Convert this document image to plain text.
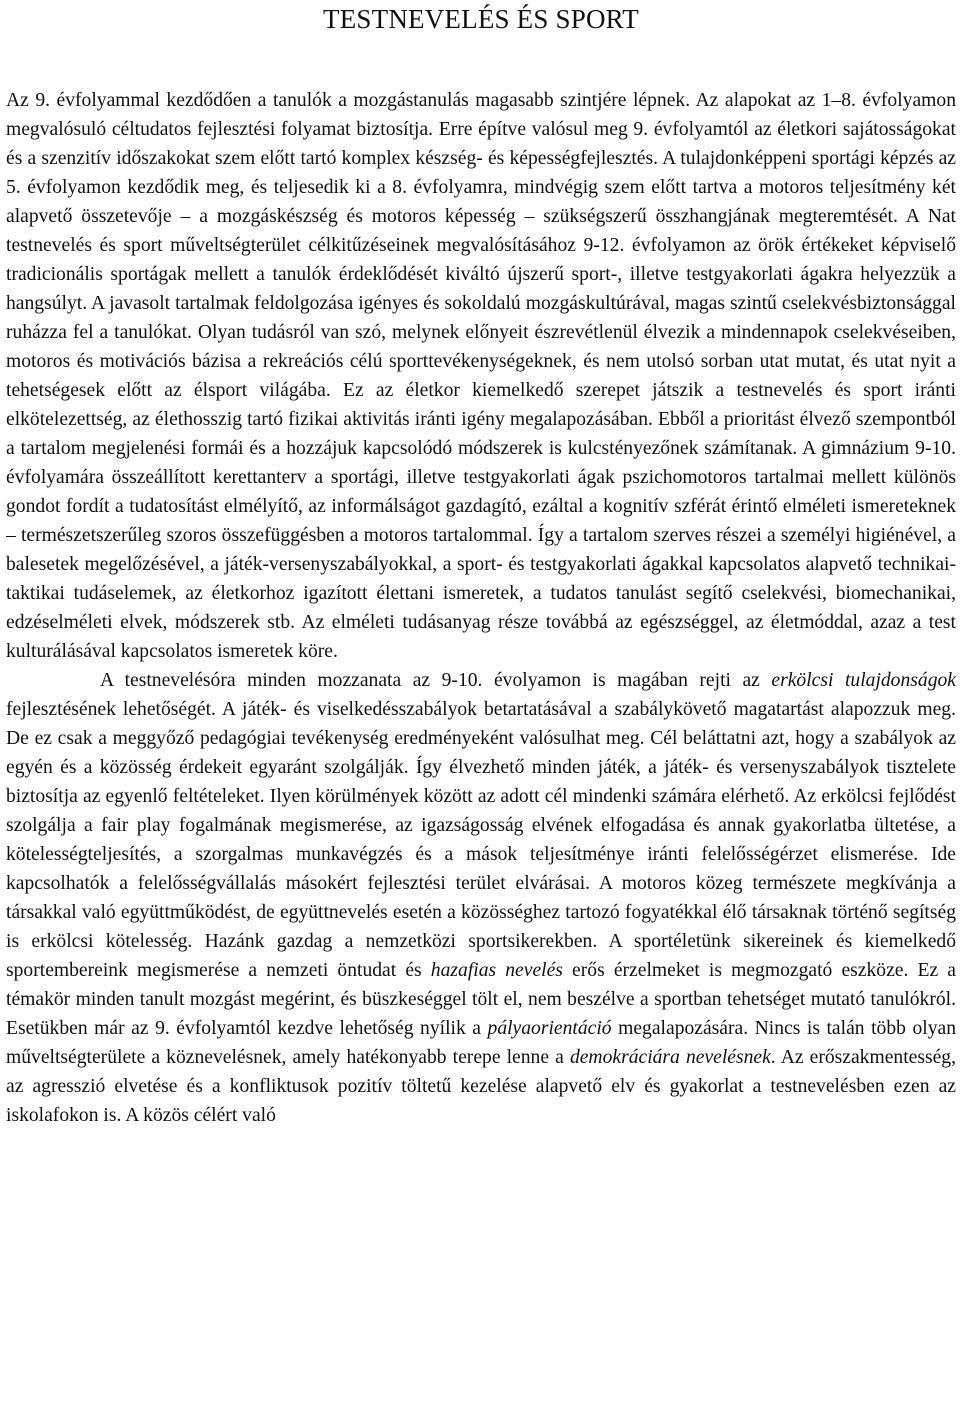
TESTNEVELÉS ÉS SPORT

Az 9. évfolyammal kezdődően a tanulók a mozgástanulás magasabb szintjére lépnek. Az alapokat az 1–8. évfolyamon megvalósuló céltudatos fejlesztési folyamat biztosítja. Erre építve valósul meg 9. évfolyamtól az életkori sajátosságokat és a szenzitív időszakokat szem előtt tartó komplex készség- és képességfejlesztés. A tulajdonképpeni sportági képzés az 5. évfolyamon kezdődik meg, és teljesedik ki a 8. évfolyamra, mindvégig szem előtt tartva a motoros teljesítmény két alapvető összetevője – a mozgáskészség és motoros képesség – szükségszerű összhangjának megteremtését. A Nat testnevelés és sport műveltségterület célkitűzéseinek megvalósításához 9-12. évfolyamon az örök értékeket képviselő tradicionális sportágak mellett a tanulók érdeklődését kiváltó újszerű sport-, illetve testgyakorlati ágakra helyezzük a hangsúlyt. A javasolt tartalmak feldolgozása igényes és sokoldalú mozgáskultúrával, magas szintű cselekvésbiztonsággal ruházza fel a tanulókat. Olyan tudásról van szó, melynek előnyeit észrevétlenül élvezik a mindennapok cselekvéseiben, motoros és motivációs bázisa a rekreációs célú sporttevékenységeknek, és nem utolsó sorban utat mutat, és utat nyit a tehetségesek előtt az élsport világába. Ez az életkor kiemelkedő szerepet játszik a testnevelés és sport iránti elkötelezettség, az élethosszig tartó fizikai aktivitás iránti igény megalapozásában. Ebből a prioritást élvező szempontból a tartalom megjelenési formái és a hozzájuk kapcsolódó módszerek is kulcstényezőnek számítanak. A gimnázium 9-10. évfolyamára összeállított kerettanterv a sportági, illetve testgyakorlati ágak pszichomotoros tartalmai mellett különös gondot fordít a tudatosítást elmélyítő, az informálságot gazdagító, ezáltal a kognitív szférát érintő elméleti ismereteknek – természetszerűleg szoros összefüggésben a motoros tartalommal. Így a tartalom szerves részei a személyi higiénével, a balesetek megelőzésével, a játék-versenyszabályokkal, a sport- és testgyakorlati ágakkal kapcsolatos alapvető technikai-taktikai tudáselemek, az életkorhoz igazított élettani ismeretek, a tudatos tanulást segítő cselekvési, biomechanikai, edzéselméleti elvek, módszerek stb. Az elméleti tudásanyag része továbbá az egészséggel, az életmóddal, azaz a test kulturálásával kapcsolatos ismeretek köre.

A testnevelésóra minden mozzanata az 9-10. évolyamon is magában rejti az erkölcsi tulajdonságok fejlesztésének lehetőségét. A játék- és viselkedésszabályok betartatásával a szabálykövető magatartást alapozzuk meg. De ez csak a meggyőző pedagógiai tevékenység eredményeként valósulhat meg. Cél beláttatni azt, hogy a szabályok az egyén és a közösség érdekeit egyaránt szolgálják. Így élvezhető minden játék, a játék- és versenyszabályok tisztelete biztosítja az egyenlő feltételeket. Ilyen körülmények között az adott cél mindenki számára elérhető. Az erkölcsi fejlődést szolgálja a fair play fogalmának megismerése, az igazságosság elvének elfogadása és annak gyakorlatba ültetése, a kötelességteljesítés, a szorgalmas munkavégzés és a mások teljesítménye iránti felelősségérzet elismerése. Ide kapcsolhatók a felelősségvállalás másokért fejlesztési terület elvárásai. A motoros közeg természete megkívánja a társakkal való együttműködést, de együttnevelés esetén a közösséghez tartozó fogyatékkal élő társaknak történő segítség is erkölcsi kötelesség. Hazánk gazdag a nemzetközi sportsikerekben. A sportéletünk sikereinek és kiemelkedő sportembereink megismerése a nemzeti öntudat és hazafias nevelés erős érzelmeket is megmozgató eszköze. Ez a témakör minden tanult mozgást megérint, és büszkeséggel tölt el, nem beszélve a sportban tehetséget mutató tanulókról. Esetükben már az 9. évfolyamtól kezdve lehetőség nyílik a pályaorientáció megalapozására. Nincs is talán több olyan műveltségterülete a köznevelésnek, amely hatékonyabb terepe lenne a demokráciára nevelésnek. Az erőszakmentesség, az agresszió elvetése és a konfliktusok pozitív töltetű kezelése alapvető elv és gyakorlat a testnevelésben ezen az iskolafokon is. A közös célért való
